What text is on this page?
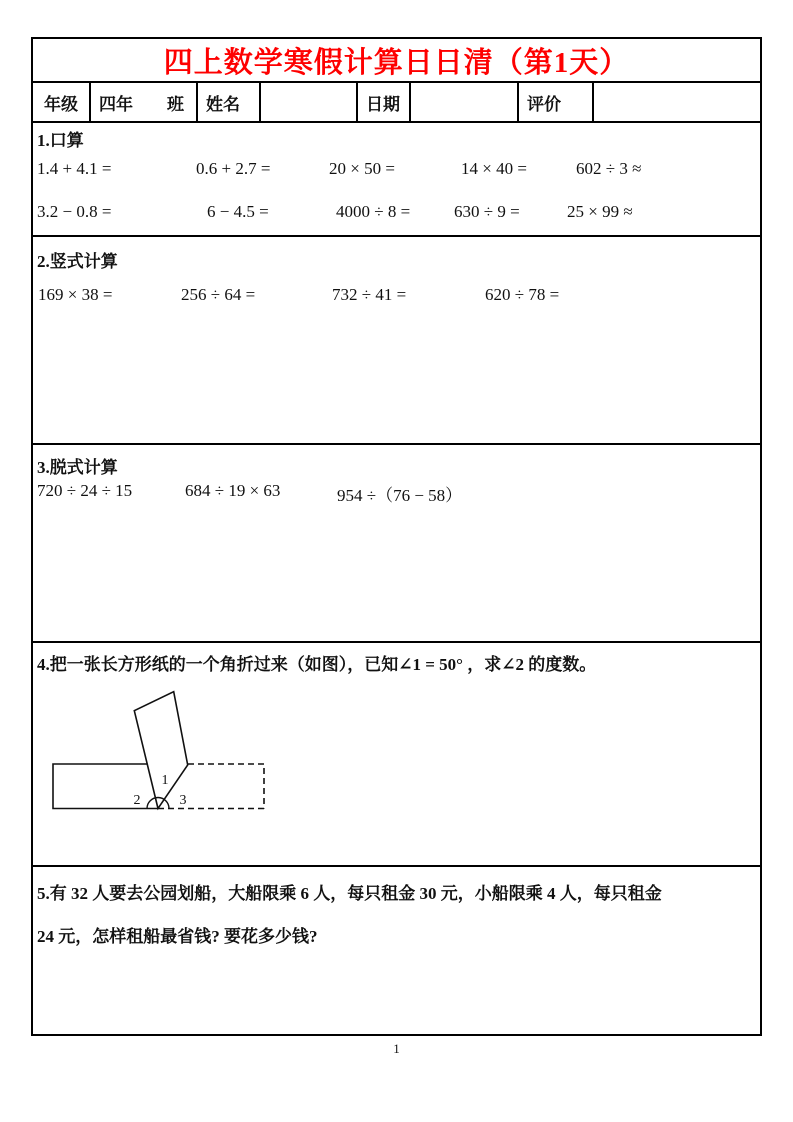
四上数学寒假计算日日清（第1天）
年级	四年　　班	姓名	日期	评价
1.口算
1.4 + 4.1 =	0.6 + 2.7 =	20 × 50 =	14 × 40 =	602 ÷ 3 ≈
3.2 − 0.8 =	6 − 4.5 =	4000 ÷ 8 =	630 ÷ 9 =	25 × 99 ≈
2.竖式计算
169 × 38 =	256 ÷ 64 =	732 ÷ 41 =	620 ÷ 78 =
3.脱式计算
720 ÷ 24 ÷ 15	684 ÷ 19 × 63	954 ÷（76 − 58）
4.把一张长方形纸的一个角折过来（如图），已知∠1 = 50° ，求∠2 的度数。
1
2	3
5.有 32 人要去公园划船，大船限乘 6 人，每只租金 30 元，小船限乘 4 人，每只租金
24 元，怎样租船最省钱? 要花多少钱?
1
